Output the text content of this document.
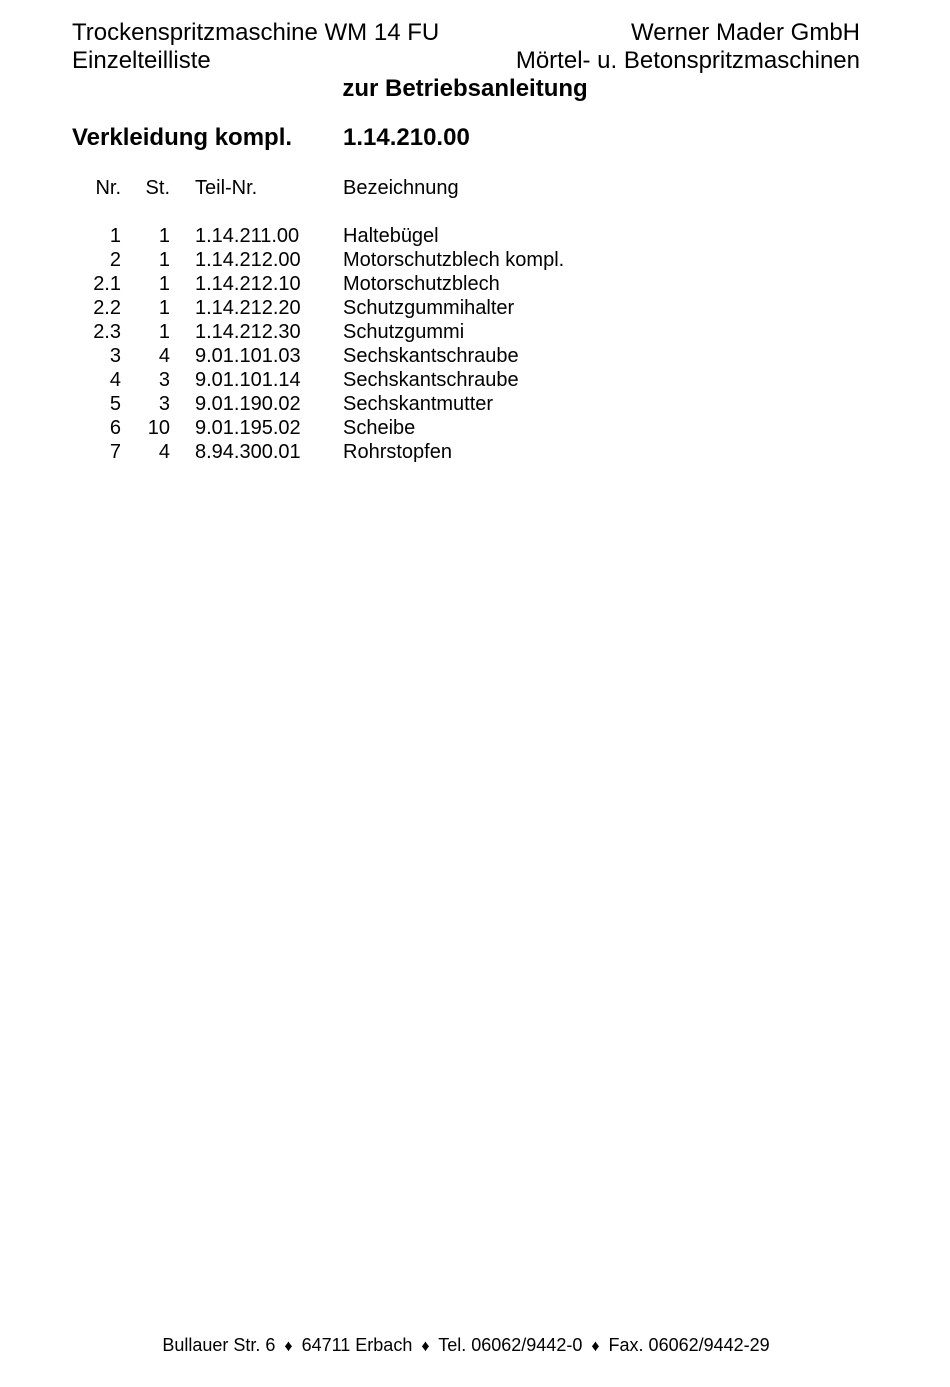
Trockenspritzmaschine WM 14 FU
Einzelteilliste
Werner Mader GmbH
Mörtel- u. Betonspritzmaschinen
zur Betriebsanleitung
Verkleidung kompl. 1.14.210.00
Nr. St. Teil-Nr.	Bezeichnung
1 1 1.14.211.00 Haltebügel
2 1 1.14.212.00 Motorschutzblech kompl.
2.1 1 1.14.212.10 Motorschutzblech
2.2 1 1.14.212.20 Schutzgummihalter
2.3 1 1.14.212.30 Schutzgummi
3 4 9.01.101.03 Sechskantschraube
4 3 9.01.101.14 Sechskantschraube
5 3 9.01.190.02 Sechskantmutter
6 10 9.01.195.02 Scheibe
7 4 8.94.300.01 Rohrstopfen
Bullauer Str. 6 ♦ 64711 Erbach ♦ Tel. 06062/9442-0 ♦ Fax. 06062/9442-29
